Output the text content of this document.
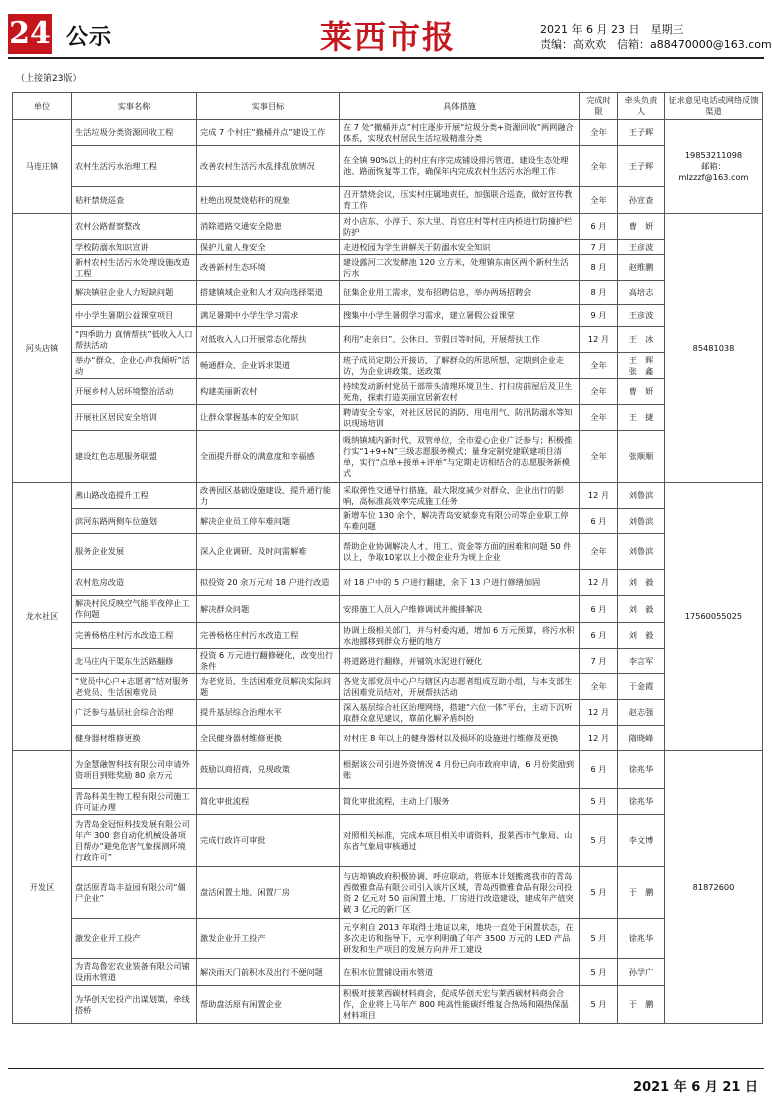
24 公示	莱西市报	2021 年 6 月 23 日　星期三
责编：高欢欢　信箱：a88470000@163.com
（上接第23版）
单位	实事名称	实事目标	具体措施	完成时限	牵头负责人	征求意见电话或网络反馈渠道
马连庄镇	生活垃圾分类资源回收工程	完成 7 个村庄“撤桶并点”建设工作	在 7 处“撤桶并点”村庄逐步开展“垃圾分类+资源回收”两网融合体系，实现农村居民生活垃圾精准分类	全年	王子辉	19853211098
邮箱：
mlzzzf@163.com
	农村生活污水治理工程	改善农村生活污水乱排乱放情况	在全镇 90%以上的村庄有序完成铺设排污管道、建设生态处理池、路面恢复等工作，确保年内完成农村生活污水治理工作	全年	王子辉	
	秸秆禁烧巡查	杜绝出现焚烧秸秆的现象	召开禁烧会议，压实村庄属地责任，加强联合巡查，做好宣传教育工作	全年	孙宣查	
河头店镇	农村公路督察整改	消除道路交通安全隐患	对小店东、小淳于、东大里、肖官庄村等村庄内桥进行防撞护栏防护	6 月	曹　妍	85481038
	学校防溺水知识宣讲	保护儿童人身安全	走进校园为学生讲解关于防溺水安全知识	7 月	王彦波	
	新村农村生活污水处理设施改造工程	改善新村生态环境	建设露河二次发酵池 120 立方米，处理镇东南区两个新村生活污水	8 月	赵维鹏	
	解决镇驻企业人力短缺问题	搭建镇域企业和人才双向选择渠道	征集企业用工需求，发布招聘信息，举办两场招聘会	8 月	高培志	
	中小学生暑期公益课堂项目	满足暑期中小学生学习需求	搜集中小学生暑假学习需求，建立暑假公益课堂	9 月	王彦波	
	“四季助力 真情帮扶”低收入人口帮扶活动	对低收入人口开展常态化帮扶	利用“走亲日”、公休日、节假日等时间，开展帮扶工作	12 月	王　冰	
	举办“群众、企业心声我倾听”活动	畅通群众、企业诉求渠道	班子成员定期公开接访，了解群众的所思所想，定期到企业走访，为企业讲政策、送政策	全年	王　辉
张　鑫	
	开展乡村人居环境整治活动	构建美丽新农村	持续发动新村党员干部带头清理环境卫生、打扫房前屋后及卫生死角，探索打造美丽宜居新农村	全年	曹　妍	
	开展社区居民安全培训	让群众掌握基本的安全知识	聘请安全专家，对社区居民的消防、用电用气、防汛防溺水等知识现场培训	全年	王　捷	
	建设红色志愿服务联盟	全面提升群众的满意度和幸福感	吸纳镇域内新时代、双管单位，全市爱心企业广泛参与；积极推行实“1+9+N”三级志愿服务模式；量身定制党建联建项目清单，实行“点单+接单+评单”与定期走访相结合的志愿服务新模式	全年	张顺顺	
龙水社区	燕山路改造提升工程	改善园区基础设施建设、提升通行能力	采取弹性交通导行措施，最大限度减少对群众、企业出行的影响，高标准高效率完成施工任务	12 月	刘鲁滨	17560055025
	滨河东路两侧车位施划	解决企业员工停车难问题	新增车位 130 余个，解决青岛安斌泰克有限公司等企业职工停车难问题	6 月	刘鲁滨	
	服务企业发展	深入企业调研、及时问需解难	帮助企业协调解决人才、用工、资金等方面的困难和问题 50 件以上，争取10家以上小微企业升为规上企业	全年	刘鲁滨	
	农村危房改造	拟投资 20 余万元对 18 户进行改造	对 18 户中的 5 户进行翻建，余下 13 户进行修缮加固	12 月	刘　毅	
	解决村民反映空气能半夜停止工作问题	解决群众问题	安排施工人员入户维修调试并搬排解决	6 月	刘　毅	
	完善杨格庄村污水改造工程	完善杨格庄村污水改造工程	协调上级相关部门，并与村委沟通，增加 6 万元预算，将污水积水池挪移到群众方便的地方	6 月	刘　毅	
	北马庄内干渠东生活路翻修	投资 6 万元进行翻修硬化，改变出行条件	将道路进行翻修，并铺筑水泥进行硬化	7 月	李言军	
	“党员中心户+志愿者”结对服务老党员、生活困难党员	为老党员、生活困难党员解决实际问题	各党支部党员中心户与辖区内志愿者组成互助小组，与本支部生活困难党员结对，开展帮扶活动	全年	于金霞	
	广泛参与基层社会综合治理	提升基层综合治理水平	深入基层综合社区治理网络，搭建“六位一体”平台，主动下沉听取群众意见建议，靠前化解矛盾纠纷	12 月	赵志强	
	健身器材维修更换	全民健身器材维修更换	对村庄 8 年以上的健身器材以及损坏的设施进行维修及更换	12 月	隋晓峰	
开发区	为金慧融智科技有限公司申请外资项目到账奖励 80 余万元	鼓励以商招商，兑现政策	根据该公司引进外资情况 4 月份已向市政府申请，6 月份奖励到账	6 月	徐兆华	81872600
	青岛科美生物工程有限公司施工许可证办理	简化审批流程	简化审批流程，主动上门服务	5 月	徐兆华	
	为青岛金冠恒科技发展有限公司年产 300 套自动化机械设备项目帮办“避免危害气象探测环境行政许可”	完成行政许可审批	对照相关标准，完成本项目相关申请资料，报莱西市气象局、山东省气象局审核通过	5 月	李文博	
	盘活原青岛丰益园有限公司“僵尸企业”	盘活闲置土地、闲置厂房	与店埠镇政府积极协调、呼应联动，将原本计划搬离我市的青岛西微雅食品有限公司引入该片区域，青岛西微雅食品有限公司投资 2 亿元对 50 亩闲置土地、厂房进行改造建设，建成年产值突破 3 亿元的新厂区	5 月	于　鹏	
	激发企业开工投产	激发企业开工投产	元亨利自 2013 年取得土地证以来，地块一直处于闲置状态，在多次走访和指导下，元亨利明确了年产 3500 万元的 LED 产品研发和生产项目的发展方向并开工建设	5 月	徐兆华	
	为青岛鲁宏农业装备有限公司铺设雨水管道	解决雨天门前积水及出行不便问题	在积水位置铺设雨水管道	5 月	孙学广	
	为华创天宏投产出谋划策，牵线搭桥	帮助盘活原有闲置企业	积极对接莱西碳材料商会，促成华创天宏与莱西碳材料商会合作，企业将上马年产 800 吨高性能碳纤维复合热场和隔热保温材料项目	5 月	于　鹏	
2021 年 6 月 21 日
